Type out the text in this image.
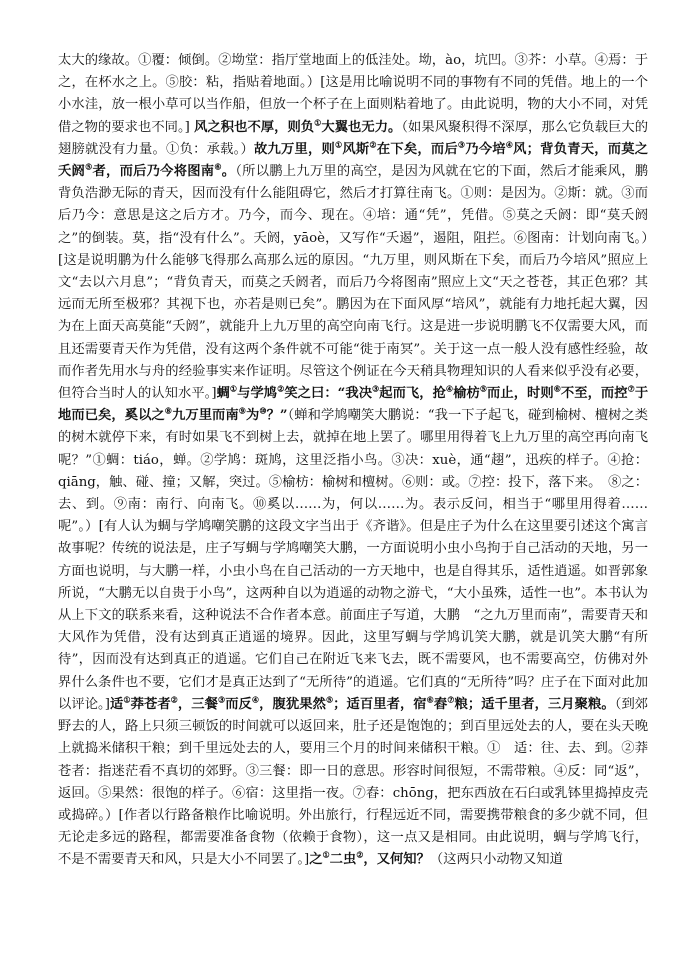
太大的缘故。①覆：倾倒。②坳堂：指厅堂地面上的低洼处。坳，ào，坑凹。③芥：小草。④焉：于之，在杯水之上。⑤胶：粘，指贴着地面。）[这是用比喻说明不同的事物有不同的凭借。地上的一个小水洼，放一根小草可以当作船，但放一个杯子在上面则粘着地了。由此说明，物的大小不同，对凭借之物的要求也不同。] 风之积也不厚，则负①大翼也无力。（如果风聚积得不深厚，那么它负载巨大的翅膀就没有力量。①负：承载。）故九万里，则①风斯②在下矣，而后③乃今培④风；背负青天，而莫之夭阏⑤者，而后乃今将图南⑥。（所以鹏上九万里的高空，是因为风就在它的下面，然后才能乘风，鹏背负浩渺无际的青天，因而没有什么能阻碍它，然后才打算往南飞。①则：是因为。②斯：就。③而后乃今：意思是这之后方才。乃今，而今、现在。④培：通“凭”，凭借。⑤莫之夭阏：即“莫夭阏之”的倒装。莫，指“没有什么”。夭阏，yāoè，又写作“夭遏”，遏阻，阻拦。⑥图南：计划向南飞。）[这是说明鹏为什么能够飞得那么高那么远的原因。“九万里，则风斯在下矣，而后乃今培风”照应上文“去以六月息”；“背负青天，而莫之夭阏者，而后乃今将图南”照应上文“天之苍苍，其正色邪？其远而无所至极邪？其视下也，亦若是则已矣”。鹏因为在下面风厚“培风”，就能有力地托起大翼，因为在上面天高莫能“夭阏”，就能升上九万里的高空向南飞行。这是进一步说明鹏飞不仅需要大风，而且还需要青天作为凭借，没有这两个条件就不可能“徙于南冥”。关于这一点一般人没有感性经验，故而作者先用水与舟的经验事实来作证明。尽管这个例证在今天稍具物理知识的人看来似乎没有必要，但符合当时人的认知水平。]蜩①与学鸠②笑之曰：“我决③起而飞，抢④榆枋⑤而止，时则⑥不至，而控⑦于地而已矣，奚以之⑧九万里而南⑨为⑩？”（蝉和学鸠嘲笑大鹏说：“我一下子起飞，碰到榆树、檀树之类的树木就停下来，有时如果飞不到树上去，就掉在地上罢了。哪里用得着飞上九万里的高空再向南飞呢？”①蜩：tiáo，蝉。②学鸠：斑鸠，这里泛指小鸟。③决：xuè，通“趐”，迅疾的样子。④抢：qiāng，触、碰、撞；又解，突过。⑤榆枋：榆树和檀树。⑥则：或。⑦控：投下，落下来。　⑧之：去、到。⑨南：南行、向南飞。⑩奚以……为，何以……为。表示反问，相当于“哪里用得着……呢”。）[有人认为蜩与学鸠嘲笑鹏的这段文字当出于《齐谐》。但是庄子为什么在这里要引述这个寓言故事呢？传统的说法是，庄子写蜩与学鸠嘲笑大鹏，一方面说明小虫小鸟拘于自己活动的天地，另一方面也说明，与大鹏一样，小虫小鸟在自己活动的一方天地中，也是自得其乐，适性逍遥。如晋郭象所说，“大鹏无以自贵于小鸟”，这两种自以为逍遥的动物之游弋，“大小虽殊，适性一也”。本书认为从上下文的联系来看，这种说法不合作者本意。前面庄子写道，大鹏　“之九万里而南”，需要青天和大风作为凭借，没有达到真正逍遥的境界。因此，这里写蜩与学鸠讥笑大鹏，就是讥笑大鹏“有所待”，因而没有达到真正的逍遥。它们自己在附近飞来飞去，既不需要风，也不需要高空，仿佛对外界什么条件也不要，它们才是真正达到了“无所待”的逍遥。它们真的“无所待”吗？庄子在下面对此加以评论。]适①莽苍者②，三餐③而反④，腹犹果然⑤；适百里者，宿⑥舂⑦粮；适千里者，三月聚粮。（到郊野去的人，路上只须三顿饭的时间就可以返回来，肚子还是饱饱的；到百里远处去的人，要在头天晚上就捣米储积干粮；到千里远处去的人，要用三个月的时间来储积干粮。①　适：往、去、到。②莽苍者：指迷茫看不真切的郊野。③三餐：即一日的意思。形容时间很短，不需带粮。④反：同“返”，返回。⑤果然：很饱的样子。⑥宿：这里指一夜。⑦舂：chōng，把东西放在石臼或乳钵里捣掉皮壳或捣碎。）[作者以行路备粮作比喻说明。外出旅行，行程远近不同，需要携带粮食的多少就不同，但无论走多远的路程，都需要准备食物（依赖于食物），这一点又是相同。由此说明，蜩与学鸠飞行，不是不需要青天和风，只是大小不同罢了。]之①二虫②，又何知？（这两只小动物又知道
